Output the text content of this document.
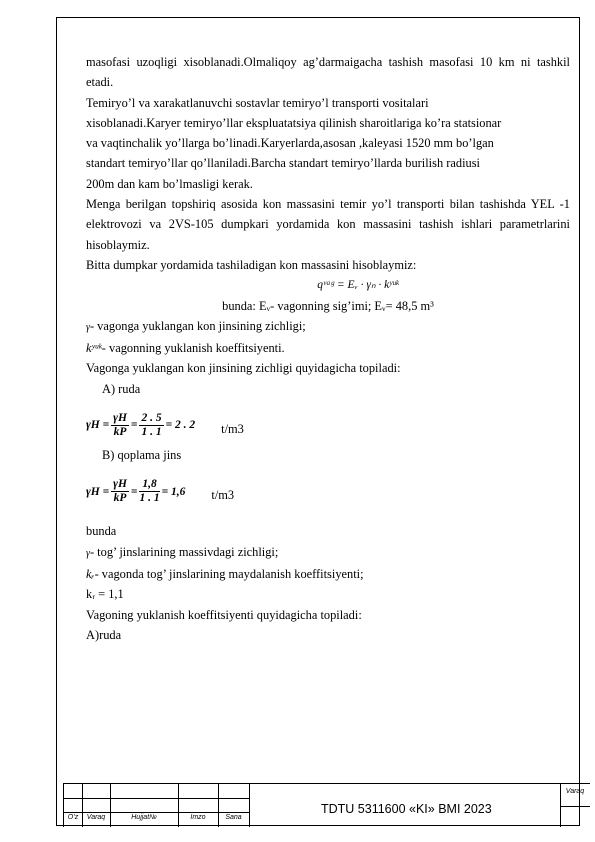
masofasi uzoqligi xisoblanadi.Olmaliqoy ag’darmaigacha tashish masofasi 10 km ni tashkil etadi.

Temiryo’l va xarakatlanuvchi sostavlar temiryo’l transporti vositalari

xisoblanadi.Karyer temiryo’llar ekspluatatsiya qilinish sharoitlariga ko’ra statsionar

va vaqtinchalik yo’llarga bo’linadi.Karyerlarda,asosan ,kaleyasi 1520 mm bo’lgan

standart temiryo’llar qo’llaniladi.Barcha standart temiryo’llarda burilish radiusi

200m dan kam bo’lmasligi kerak.

Menga berilgan topshiriq asosida kon massasini temir yo’l transporti bilan tashishda YEL -1 elektrovozi va 2VS-105 dumpkari yordamida kon massasini tashish ishlari parametrlarini hisoblaymiz.

Bitta dumpkar yordamida tashiladigan kon massasini hisoblaymiz:

qᵛᵃᵍ = Eᵥ · γₙ · kʸᵘᵏ

bunda: Eᵥ- vagonning sig’imi; Eᵥ= 48,5 m³

γ- vagonga yuklangan kon jinsining zichligi;

kʸᵘᵏ- vagonning yuklanish koeffitsiyenti.

Vagonga yuklangan kon jinsining zichligi quyidagicha topiladi:

A) ruda

$\gamma H = \frac{\gamma H}{kP} = \frac{2 . 5}{1 . 1} = 2$ . 2 t/m3

B) qoplama jins

$\gamma H = \frac{\gamma H}{kP} = \frac{1,8}{1 . 1} = 1,6$ t/m3

bunda

γ- tog’ jinslarining massivdagi zichligi;

kᵣ- vagonda tog’ jinslarining maydalanish koeffitsiyenti;

kᵣ = 1,1

Vagoning yuklanish koeffitsiyenti quyidagicha topiladi:

A)ruda

O’z	Varaq	Hujjat№	Imzo	Sana
TDTU 5311600 «KI» BMI 2023
Varaq
